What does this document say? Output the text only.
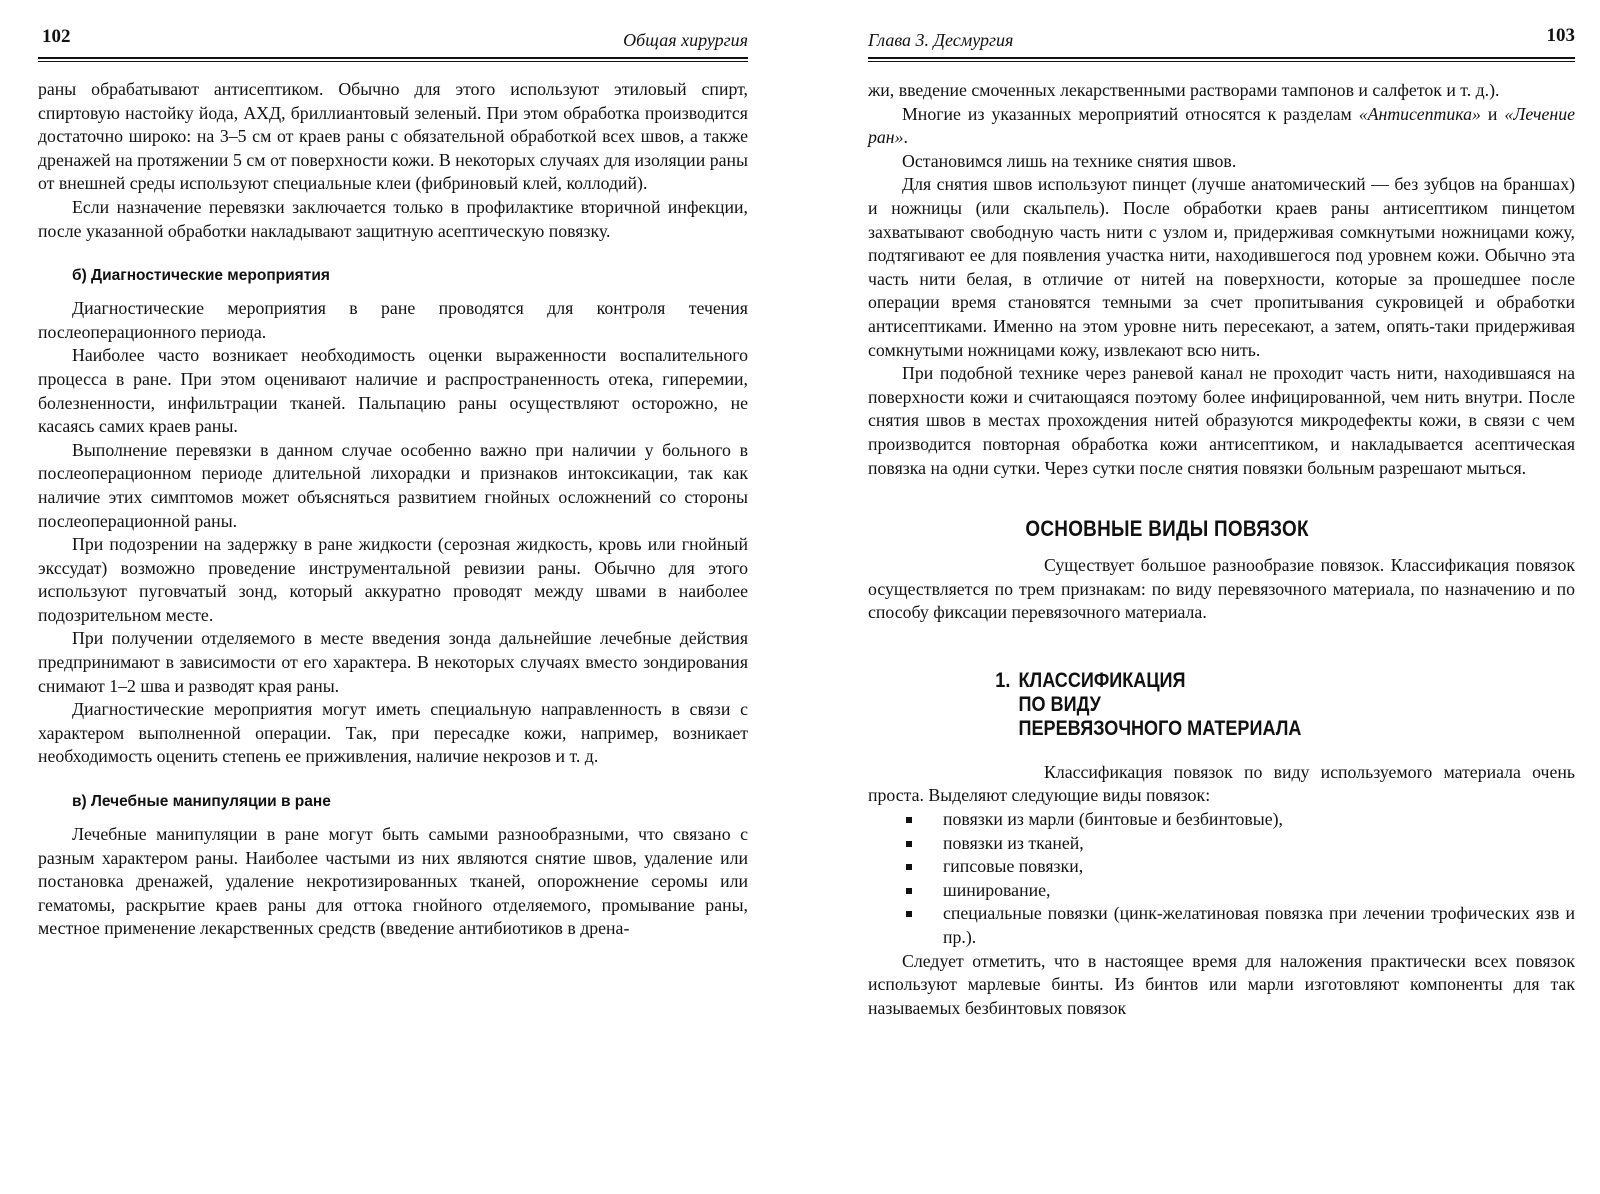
102	Общая хирургия

раны обрабатывают антисептиком. Обычно для этого используют этиловый спирт, спиртовую настойку йода, АХД, бриллиантовый зеленый. При этом обработка производится достаточно широко: на 3–5 см от краев раны с обязательной обработкой всех швов, а также дренажей на протяжении 5 см от поверхности кожи. В некоторых случаях для изоляции раны от внешней среды используют специальные клеи (фибриновый клей, коллодий).

Если назначение перевязки заключается только в профилактике вторичной инфекции, после указанной обработки накладывают защитную асептическую повязку.

б) Диагностические мероприятия

Диагностические мероприятия в ране проводятся для контроля течения послеоперационного периода.

Наиболее часто возникает необходимость оценки выраженности воспалительного процесса в ране. При этом оценивают наличие и распространенность отека, гиперемии, болезненности, инфильтрации тканей. Пальпацию раны осуществляют осторожно, не касаясь самих краев раны.

Выполнение перевязки в данном случае особенно важно при наличии у больного в послеоперационном периоде длительной лихорадки и признаков интоксикации, так как наличие этих симптомов может объясняться развитием гнойных осложнений со стороны послеоперационной раны.

При подозрении на задержку в ране жидкости (серозная жидкость, кровь или гнойный экссудат) возможно проведение инструментальной ревизии раны. Обычно для этого используют пуговчатый зонд, который аккуратно проводят между швами в наиболее подозрительном месте.

При получении отделяемого в месте введения зонда дальнейшие лечебные действия предпринимают в зависимости от его характера. В некоторых случаях вместо зондирования снимают 1–2 шва и разводят края раны.

Диагностические мероприятия могут иметь специальную направленность в связи с характером выполненной операции. Так, при пересадке кожи, например, возникает необходимость оценить степень ее приживления, наличие некрозов и т. д.

в) Лечебные манипуляции в ране

Лечебные манипуляции в ране могут быть самыми разнообразными, что связано с разным характером раны. Наиболее частыми из них являются снятие швов, удаление или постановка дренажей, удаление некротизированных тканей, опорожнение серомы или гематомы, раскрытие краев раны для оттока гнойного отделяемого, промывание раны, местное применение лекарственных средств (введение антибиотиков в дрена-

Глава 3. Десмургия	103

жи, введение смоченных лекарственными растворами тампонов и салфеток и т. д.).

Многие из указанных мероприятий относятся к разделам «Антисептика» и «Лечение ран».

Остановимся лишь на технике снятия швов.

Для снятия швов используют пинцет (лучше анатомический — без зубцов на браншах) и ножницы (или скальпель). После обработки краев раны антисептиком пинцетом захватывают свободную часть нити с узлом и, придерживая сомкнутыми ножницами кожу, подтягивают ее для появления участка нити, находившегося под уровнем кожи. Обычно эта часть нити белая, в отличие от нитей на поверхности, которые за прошедшее после операции время становятся темными за счет пропитывания сукровицей и обработки антисептиками. Именно на этом уровне нить пересекают, а затем, опять-таки придерживая сомкнутыми ножницами кожу, извлекают всю нить.

При подобной технике через раневой канал не проходит часть нити, находившаяся на поверхности кожи и считающаяся поэтому более инфицированной, чем нить внутри. После снятия швов в местах прохождения нитей образуются микродефекты кожи, в связи с чем производится повторная обработка кожи антисептиком, и накладывается асептическая повязка на одни сутки. Через сутки после снятия повязки больным разрешают мыться.

ОСНОВНЫЕ ВИДЫ ПОВЯЗОК

Существует большое разнообразие повязок. Классификация повязок осуществляется по трем признакам: по виду перевязочного материала, по назначению и по способу фиксации перевязочного материала.

1. КЛАССИФИКАЦИЯ
ПО ВИДУ
ПЕРЕВЯЗОЧНОГО МАТЕРИАЛА

Классификация повязок по виду используемого материала очень проста. Выделяют следующие виды повязок:

повязки из марли (бинтовые и безбинтовые),
повязки из тканей,
гипсовые повязки,
шинирование,
специальные повязки (цинк-желатиновая повязка при лечении трофических язв и пр.).

Следует отметить, что в настоящее время для наложения практически всех повязок используют марлевые бинты. Из бинтов или марли изготовляют компоненты для так называемых безбинтовых повязок
